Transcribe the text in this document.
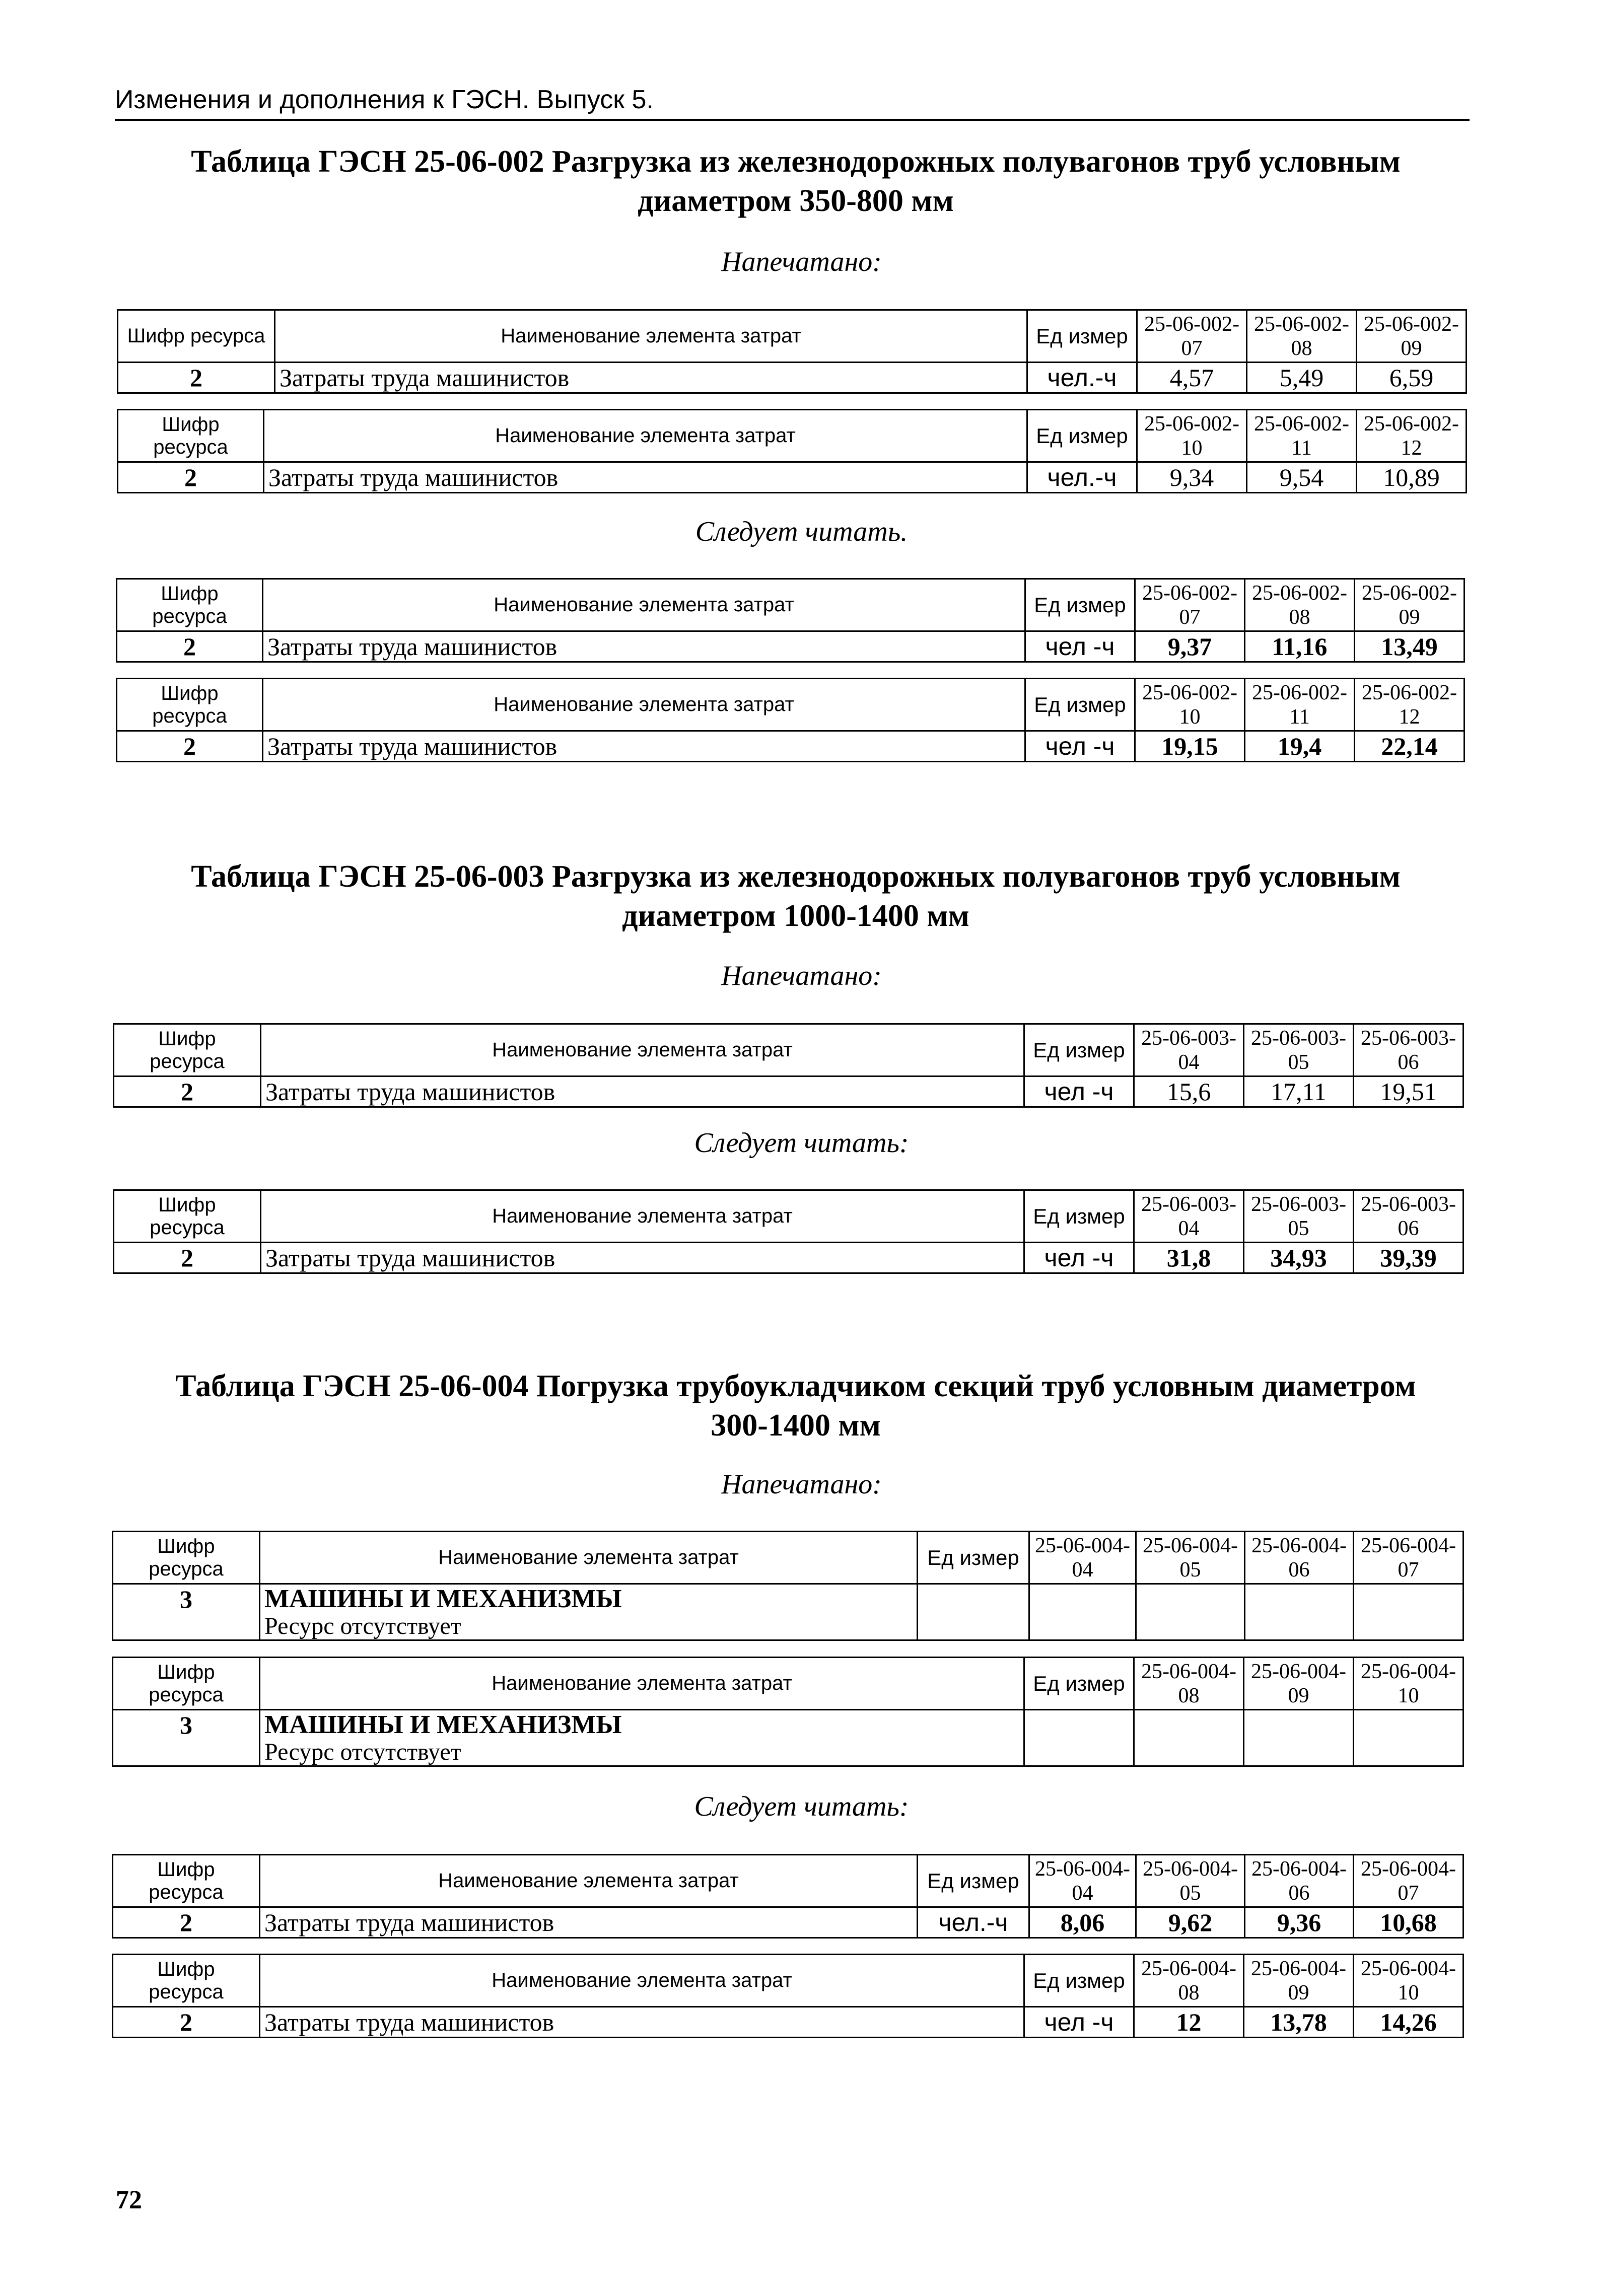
Изменения и дополнения к ГЭСН. Выпуск 5.
Таблица ГЭСН 25-06-002 Разгрузка из железнодорожных полувагонов труб условным
диаметром 350-800 мм
Напечатано:
Шифр ресурса	Наименование элемента затрат	Ед измер	25-06-002-07	25-06-002-08	25-06-002-09
2	Затраты труда машинистов	чел.-ч	4,57	5,49	6,59
Шифр ресурса	Наименование элемента затрат	Ед измер	25-06-002-10	25-06-002-11	25-06-002-12
2	Затраты труда машинистов	чел.-ч	9,34	9,54	10,89
Следует читать.
Шифр ресурса	Наименование элемента затрат	Ед измер	25-06-002-07	25-06-002-08	25-06-002-09
2	Затраты труда машинистов	чел -ч	9,37	11,16	13,49
Шифр ресурса	Наименование элемента затрат	Ед измер	25-06-002-10	25-06-002-11	25-06-002-12
2	Затраты труда машинистов	чел -ч	19,15	19,4	22,14
Таблица ГЭСН 25-06-003 Разгрузка из железнодорожных полувагонов труб условным
диаметром 1000-1400 мм
Напечатано:
Шифр ресурса	Наименование элемента затрат	Ед измер	25-06-003-04	25-06-003-05	25-06-003-06
2	Затраты труда машинистов	чел -ч	15,6	17,11	19,51
Следует читать:
Шифр ресурса	Наименование элемента затрат	Ед измер	25-06-003-04	25-06-003-05	25-06-003-06
2	Затраты труда машинистов	чел -ч	31,8	34,93	39,39
Таблица ГЭСН 25-06-004 Погрузка трубоукладчиком секций труб условным диаметром
300-1400 мм
Напечатано:
Шифр ресурса	Наименование элемента затрат	Ед измер	25-06-004-04	25-06-004-05	25-06-004-06	25-06-004-07
3	МАШИНЫ И МЕХАНИЗМЫ
Ресурс отсутствует					

Шифр ресурса	Наименование элемента затрат	Ед измер	25-06-004-08	25-06-004-09	25-06-004-10
3	МАШИНЫ И МЕХАНИЗМЫ
Ресурс отсутствует				

Следует читать:
Шифр ресурса	Наименование элемента затрат	Ед измер	25-06-004-04	25-06-004-05	25-06-004-06	25-06-004-07
2	Затраты труда машинистов	чел.-ч	8,06	9,62	9,36	10,68
Шифр ресурса	Наименование элемента затрат	Ед измер	25-06-004-08	25-06-004-09	25-06-004-10
2	Затраты труда машинистов	чел -ч	12	13,78	14,26
72
